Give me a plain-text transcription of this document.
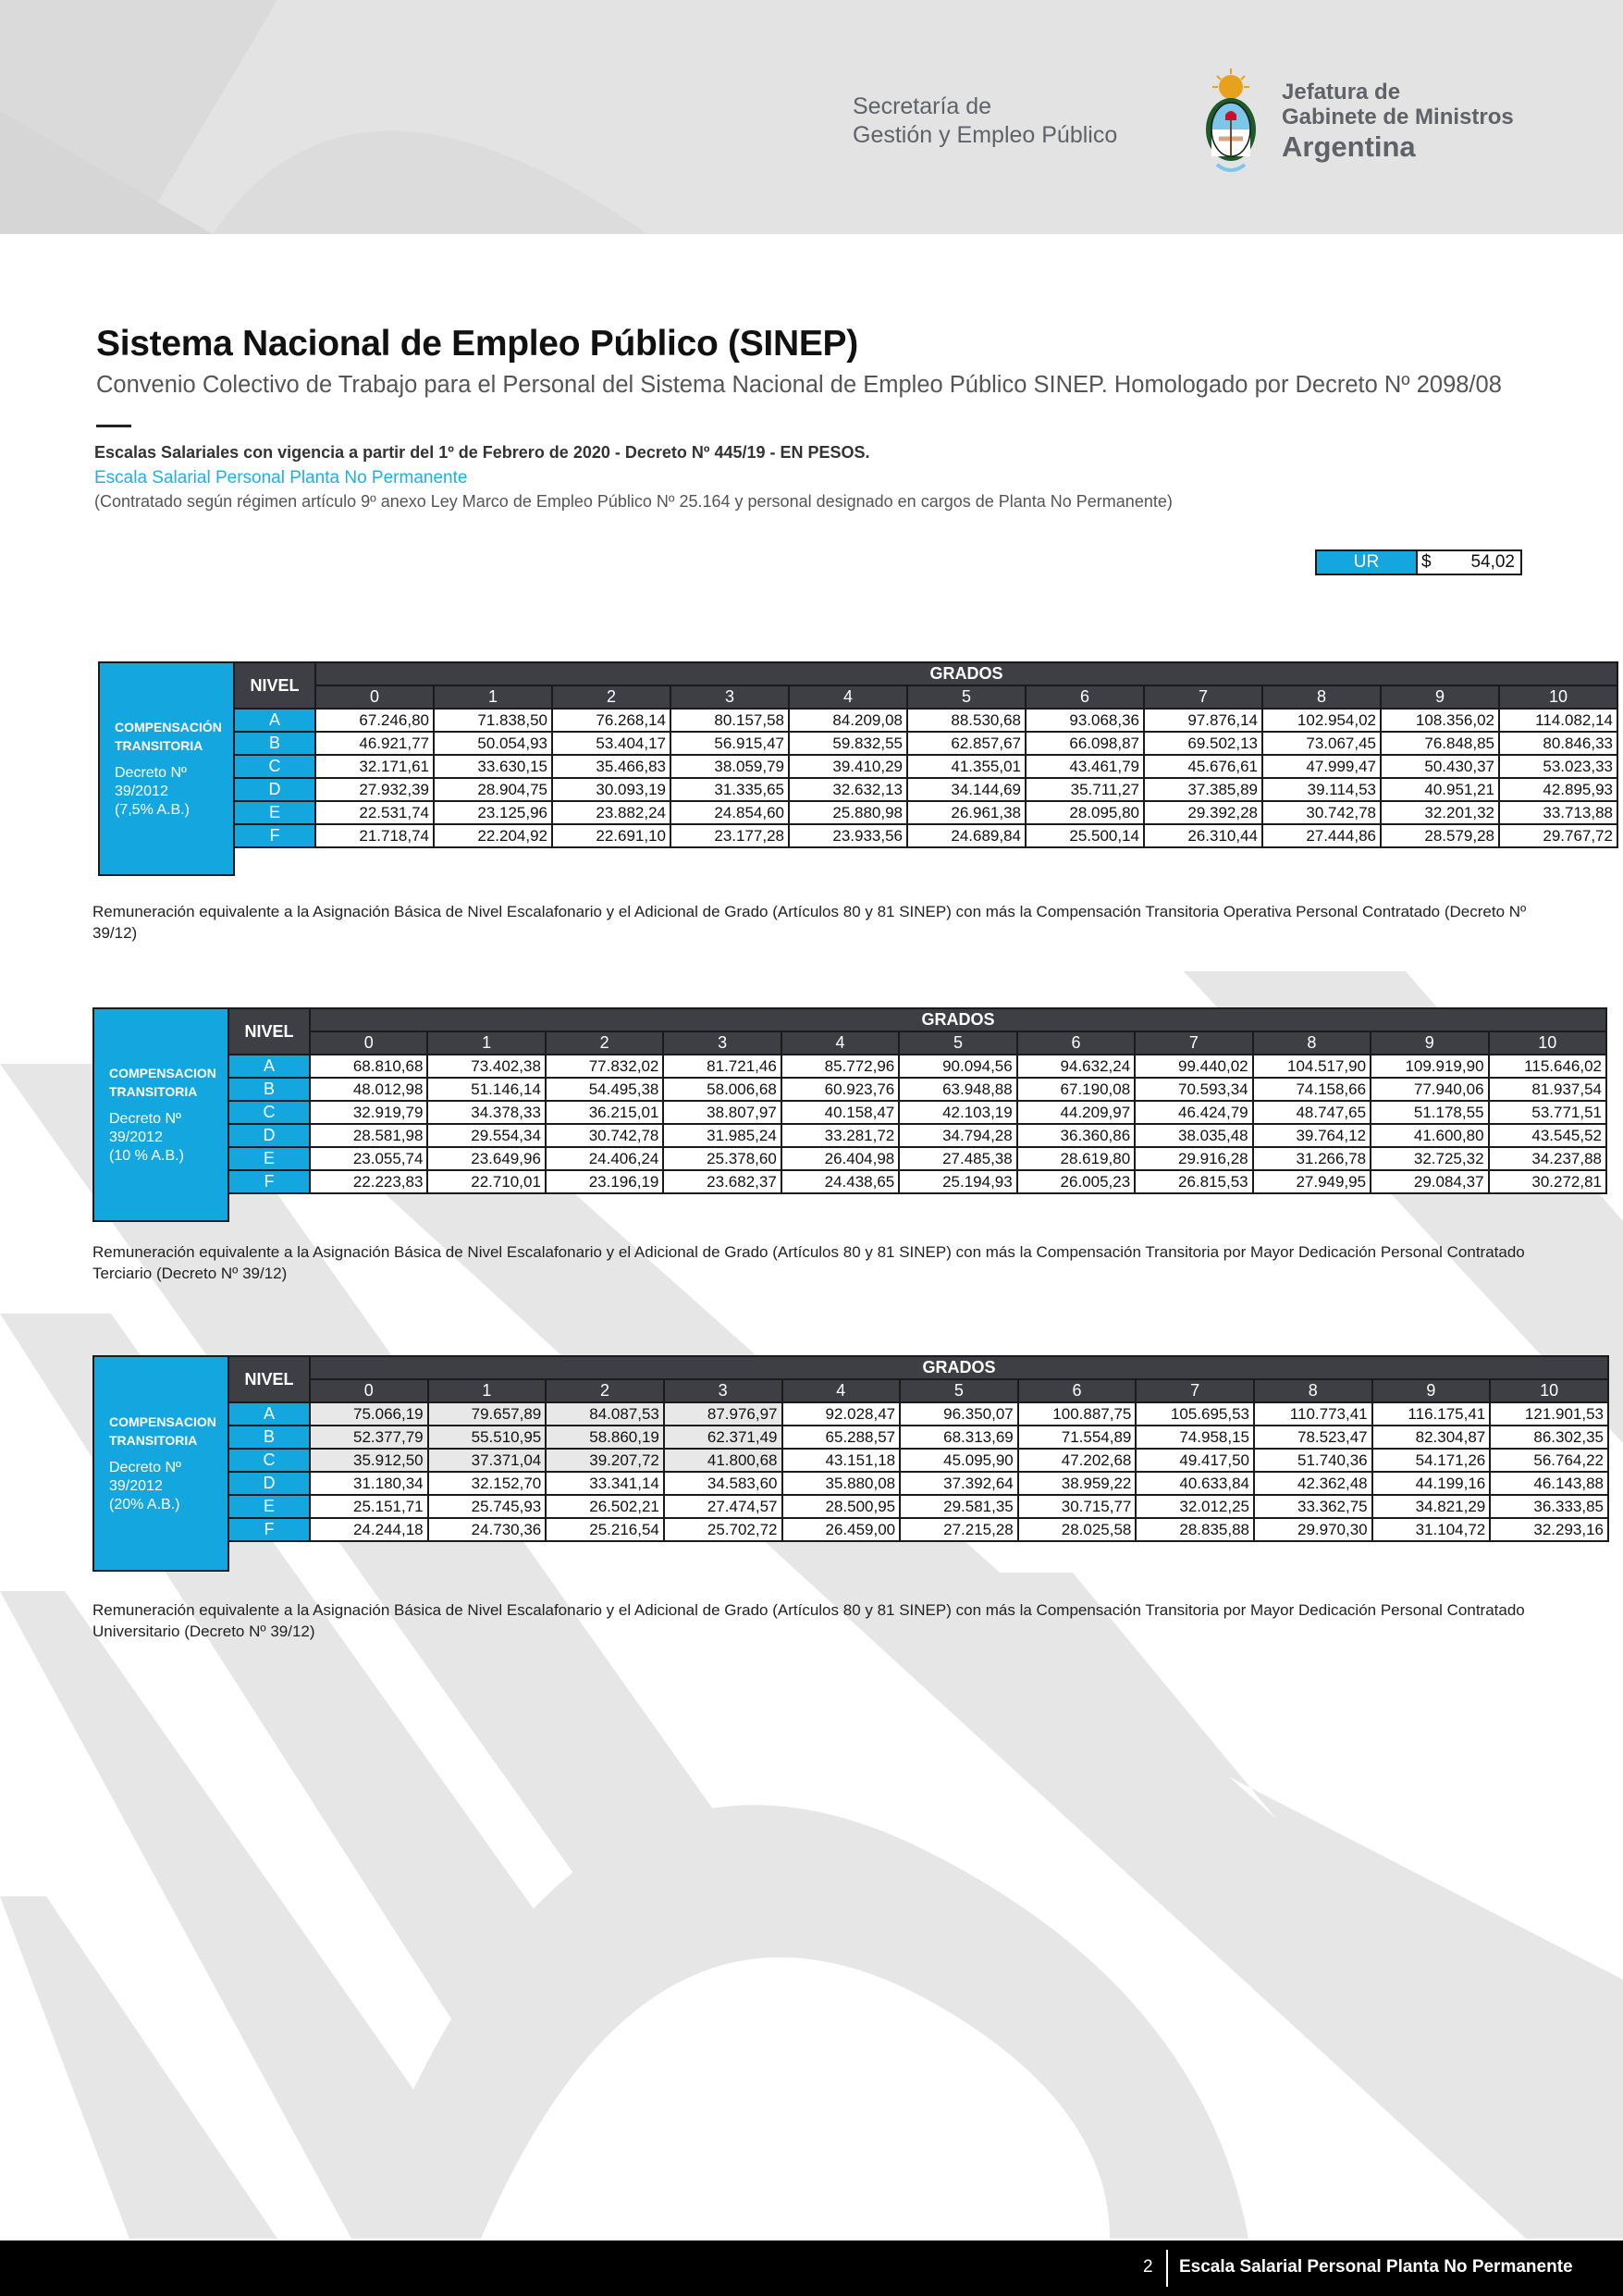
Secretaría de
Gestión y Empleo Público
Jefatura de
Gabinete de Ministros
Argentina
Sistema Nacional de Empleo Público (SINEP)
Convenio Colectivo de Trabajo para el Personal del Sistema Nacional de Empleo Público SINEP. Homologado por Decreto Nº 2098/08
Escalas Salariales con vigencia a partir del 1º de Febrero de 2020 - Decreto Nº 445/19 - EN PESOS.
Escala Salarial Personal Planta No Permanente
(Contratado según régimen artículo 9º anexo Ley Marco de Empleo Público Nº 25.164 y personal designado en cargos de Planta No Permanente)
UR	$	54,02
COMPENSACIÓN
TRANSITORIA
Decreto Nº
39/2012
(7,5% A.B.)
NIVEL	GRADOS										
	0	1	2	3	4	5	6	7	8	9	10
A	67.246,80	71.838,50	76.268,14	80.157,58	84.209,08	88.530,68	93.068,36	97.876,14	102.954,02	108.356,02	114.082,14
B	46.921,77	50.054,93	53.404,17	56.915,47	59.832,55	62.857,67	66.098,87	69.502,13	73.067,45	76.848,85	80.846,33
C	32.171,61	33.630,15	35.466,83	38.059,79	39.410,29	41.355,01	43.461,79	45.676,61	47.999,47	50.430,37	53.023,33
D	27.932,39	28.904,75	30.093,19	31.335,65	32.632,13	34.144,69	35.711,27	37.385,89	39.114,53	40.951,21	42.895,93
E	22.531,74	23.125,96	23.882,24	24.854,60	25.880,98	26.961,38	28.095,80	29.392,28	30.742,78	32.201,32	33.713,88
F	21.718,74	22.204,92	22.691,10	23.177,28	23.933,56	24.689,84	25.500,14	26.310,44	27.444,86	28.579,28	29.767,72
Remuneración equivalente a la Asignación Básica de Nivel Escalafonario y el Adicional de Grado (Artículos 80 y 81 SINEP) con más la Compensación Transitoria Operativa Personal Contratado (Decreto Nº 39/12)
COMPENSACION
TRANSITORIA
Decreto Nº
39/2012
(10 % A.B.)
NIVEL	GRADOS										
	0	1	2	3	4	5	6	7	8	9	10
A	68.810,68	73.402,38	77.832,02	81.721,46	85.772,96	90.094,56	94.632,24	99.440,02	104.517,90	109.919,90	115.646,02
B	48.012,98	51.146,14	54.495,38	58.006,68	60.923,76	63.948,88	67.190,08	70.593,34	74.158,66	77.940,06	81.937,54
C	32.919,79	34.378,33	36.215,01	38.807,97	40.158,47	42.103,19	44.209,97	46.424,79	48.747,65	51.178,55	53.771,51
D	28.581,98	29.554,34	30.742,78	31.985,24	33.281,72	34.794,28	36.360,86	38.035,48	39.764,12	41.600,80	43.545,52
E	23.055,74	23.649,96	24.406,24	25.378,60	26.404,98	27.485,38	28.619,80	29.916,28	31.266,78	32.725,32	34.237,88
F	22.223,83	22.710,01	23.196,19	23.682,37	24.438,65	25.194,93	26.005,23	26.815,53	27.949,95	29.084,37	30.272,81
Remuneración equivalente a la Asignación Básica de Nivel Escalafonario y el Adicional de Grado (Artículos 80 y 81 SINEP) con más la Compensación Transitoria por Mayor Dedicación Personal Contratado Terciario (Decreto Nº 39/12)
COMPENSACION
TRANSITORIA
Decreto Nº
39/2012
(20% A.B.)
NIVEL	GRADOS										
	0	1	2	3	4	5	6	7	8	9	10
A	75.066,19	79.657,89	84.087,53	87.976,97	92.028,47	96.350,07	100.887,75	105.695,53	110.773,41	116.175,41	121.901,53
B	52.377,79	55.510,95	58.860,19	62.371,49	65.288,57	68.313,69	71.554,89	74.958,15	78.523,47	82.304,87	86.302,35
C	35.912,50	37.371,04	39.207,72	41.800,68	43.151,18	45.095,90	47.202,68	49.417,50	51.740,36	54.171,26	56.764,22
D	31.180,34	32.152,70	33.341,14	34.583,60	35.880,08	37.392,64	38.959,22	40.633,84	42.362,48	44.199,16	46.143,88
E	25.151,71	25.745,93	26.502,21	27.474,57	28.500,95	29.581,35	30.715,77	32.012,25	33.362,75	34.821,29	36.333,85
F	24.244,18	24.730,36	25.216,54	25.702,72	26.459,00	27.215,28	28.025,58	28.835,88	29.970,30	31.104,72	32.293,16
Remuneración equivalente a la Asignación Básica de Nivel Escalafonario y el Adicional de Grado (Artículos 80 y 81 SINEP) con más la Compensación Transitoria por Mayor Dedicación Personal Contratado Universitario (Decreto Nº 39/12)
2 Escala Salarial Personal Planta No Permanente
